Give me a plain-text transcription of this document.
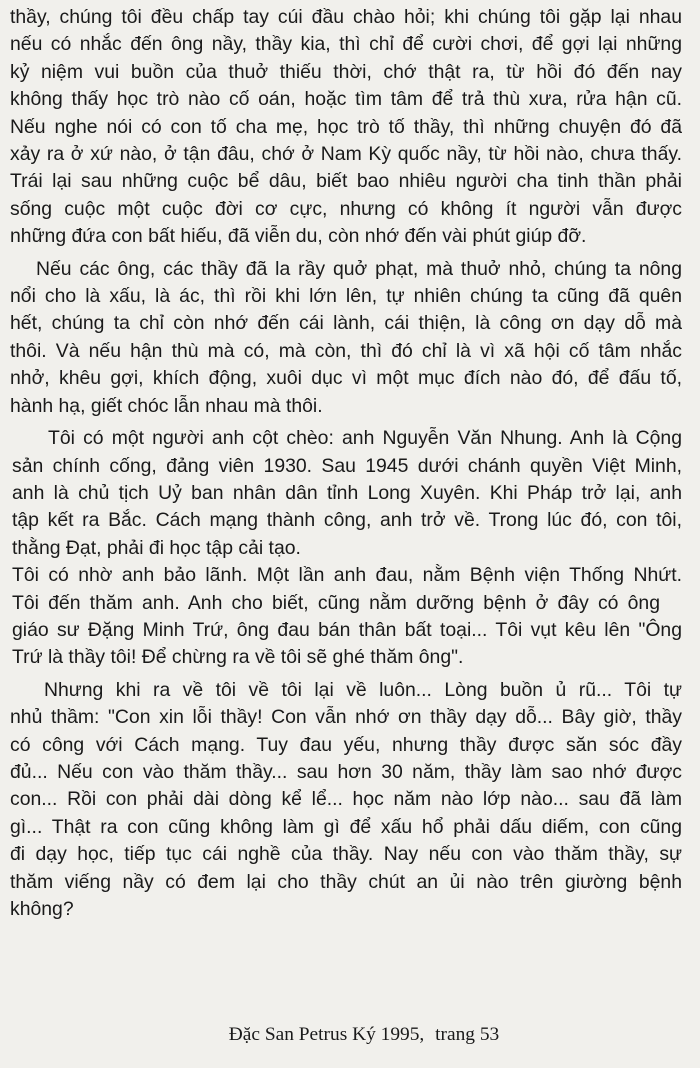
thầy, chúng tôi đều chấp tay cúi đầu chào hỏi; khi chúng tôi gặp lại nhau
nếu có nhắc đến ông nầy, thầy kia, thì chỉ để cười chơi, để gợi lại những
kỷ niệm vui buồn của thuở thiếu thời, chớ thật ra, từ hồi đó đến nay
không thấy học trò nào cố oán, hoặc tìm tâm để trả thù xưa, rửa hận cũ.
Nếu nghe nói có con tố cha mẹ, học trò tố thầy, thì những chuyện đó đã
xảy ra ở xứ nào, ở tận đâu, chớ ở Nam Kỳ quốc nầy, từ hồi nào, chưa thấy.
Trái lại sau những cuộc bể dâu, biết bao nhiêu người cha tinh thần phải
sống cuộc một cuộc đời cơ cực, nhưng có không ít người vẫn được
những đứa con bất hiếu, đã viễn du, còn nhớ đến vài phút giúp đỡ.
Nếu các ông, các thầy đã la rầy quở phạt, mà thuở nhỏ, chúng ta nông
nổi cho là xấu, là ác, thì rồi khi lớn lên, tự nhiên chúng ta cũng đã quên
hết, chúng ta chỉ còn nhớ đến cái lành, cái thiện, là công ơn dạy dỗ mà
thôi. Và nếu hận thù mà có, mà còn, thì đó chỉ là vì xã hội cố tâm nhắc
nhở, khêu gợi, khích động, xuôi dục vì một mục đích nào đó, để đấu tố,
hành hạ, giết chóc lẫn nhau mà thôi.
Tôi có một người anh cột chèo: anh Nguyễn Văn Nhung. Anh là Cộng
sản chính cống, đảng viên 1930. Sau 1945 dưới chánh quyền Việt Minh,
anh là chủ tịch Uỷ ban nhân dân tỉnh Long Xuyên. Khi Pháp trở lại, anh
tập kết ra Bắc. Cách mạng thành công, anh trở về. Trong lúc đó, con tôi,
thằng Đạt, phải đi học tập cải tạo.
Tôi có nhờ anh bảo lãnh. Một lần anh đau, nằm Bệnh viện Thống Nhứt.
Tôi đến thăm anh. Anh cho biết, cũng nằm dưỡng bệnh ở đây có ông
giáo sư Đặng Minh Trứ, ông đau bán thân bất toại... Tôi vụt kêu lên "Ông
Trứ là thầy tôi! Để chừng ra về tôi sẽ ghé thăm ông".
Nhưng khi ra về tôi về tôi lại về luôn... Lòng buồn ủ rũ... Tôi tự
nhủ thầm: "Con xin lỗi thầy! Con vẫn nhớ ơn thầy dạy dỗ... Bây giờ, thầy
có công với Cách mạng. Tuy đau yếu, nhưng thầy được săn sóc đầy
đủ... Nếu con vào thăm thầy... sau hơn 30 năm, thầy làm sao nhớ được
con... Rồi con phải dài dòng kể lể... học năm nào lớp nào... sau đã làm
gì... Thật ra con cũng không làm gì để xấu hổ phải dấu diếm, con cũng
đi dạy học, tiếp tục cái nghề của thầy. Nay nếu con vào thăm thầy, sự
thăm viếng nầy có đem lại cho thầy chút an ủi nào trên giường bệnh
không?
Đặc San Petrus Ký 1995, trang 53
